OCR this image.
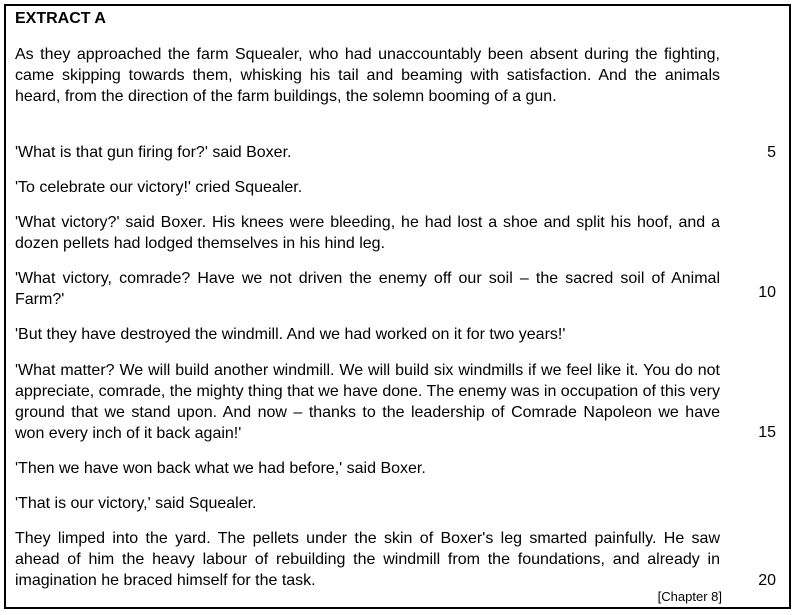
EXTRACT A

As they approached the farm Squealer, who had unaccountably been absent during the fighting, came skipping towards them, whisking his tail and beaming with satisfaction. And the animals heard, from the direction of the farm buildings, the solemn booming of a gun.

'What is that gun firing for?' said Boxer.

'To celebrate our victory!' cried Squealer.

'What victory?' said Boxer. His knees were bleeding, he had lost a shoe and split his hoof, and a dozen pellets had lodged themselves in his hind leg.

'What victory, comrade? Have we not driven the enemy off our soil – the sacred soil of Animal Farm?'

'But they have destroyed the windmill. And we had worked on it for two years!'

'What matter? We will build another windmill. We will build six windmills if we feel like it. You do not appreciate, comrade, the mighty thing that we have done. The enemy was in occupation of this very ground that we stand upon. And now – thanks to the leadership of Comrade Napoleon we have won every inch of it back again!'

'Then we have won back what we had before,' said Boxer.

'That is our victory,' said Squealer.

They limped into the yard. The pellets under the skin of Boxer's leg smarted painfully. He saw ahead of him the heavy labour of rebuilding the windmill from the foundations, and already in imagination he braced himself for the task.

5
10
15
20
[Chapter 8]
